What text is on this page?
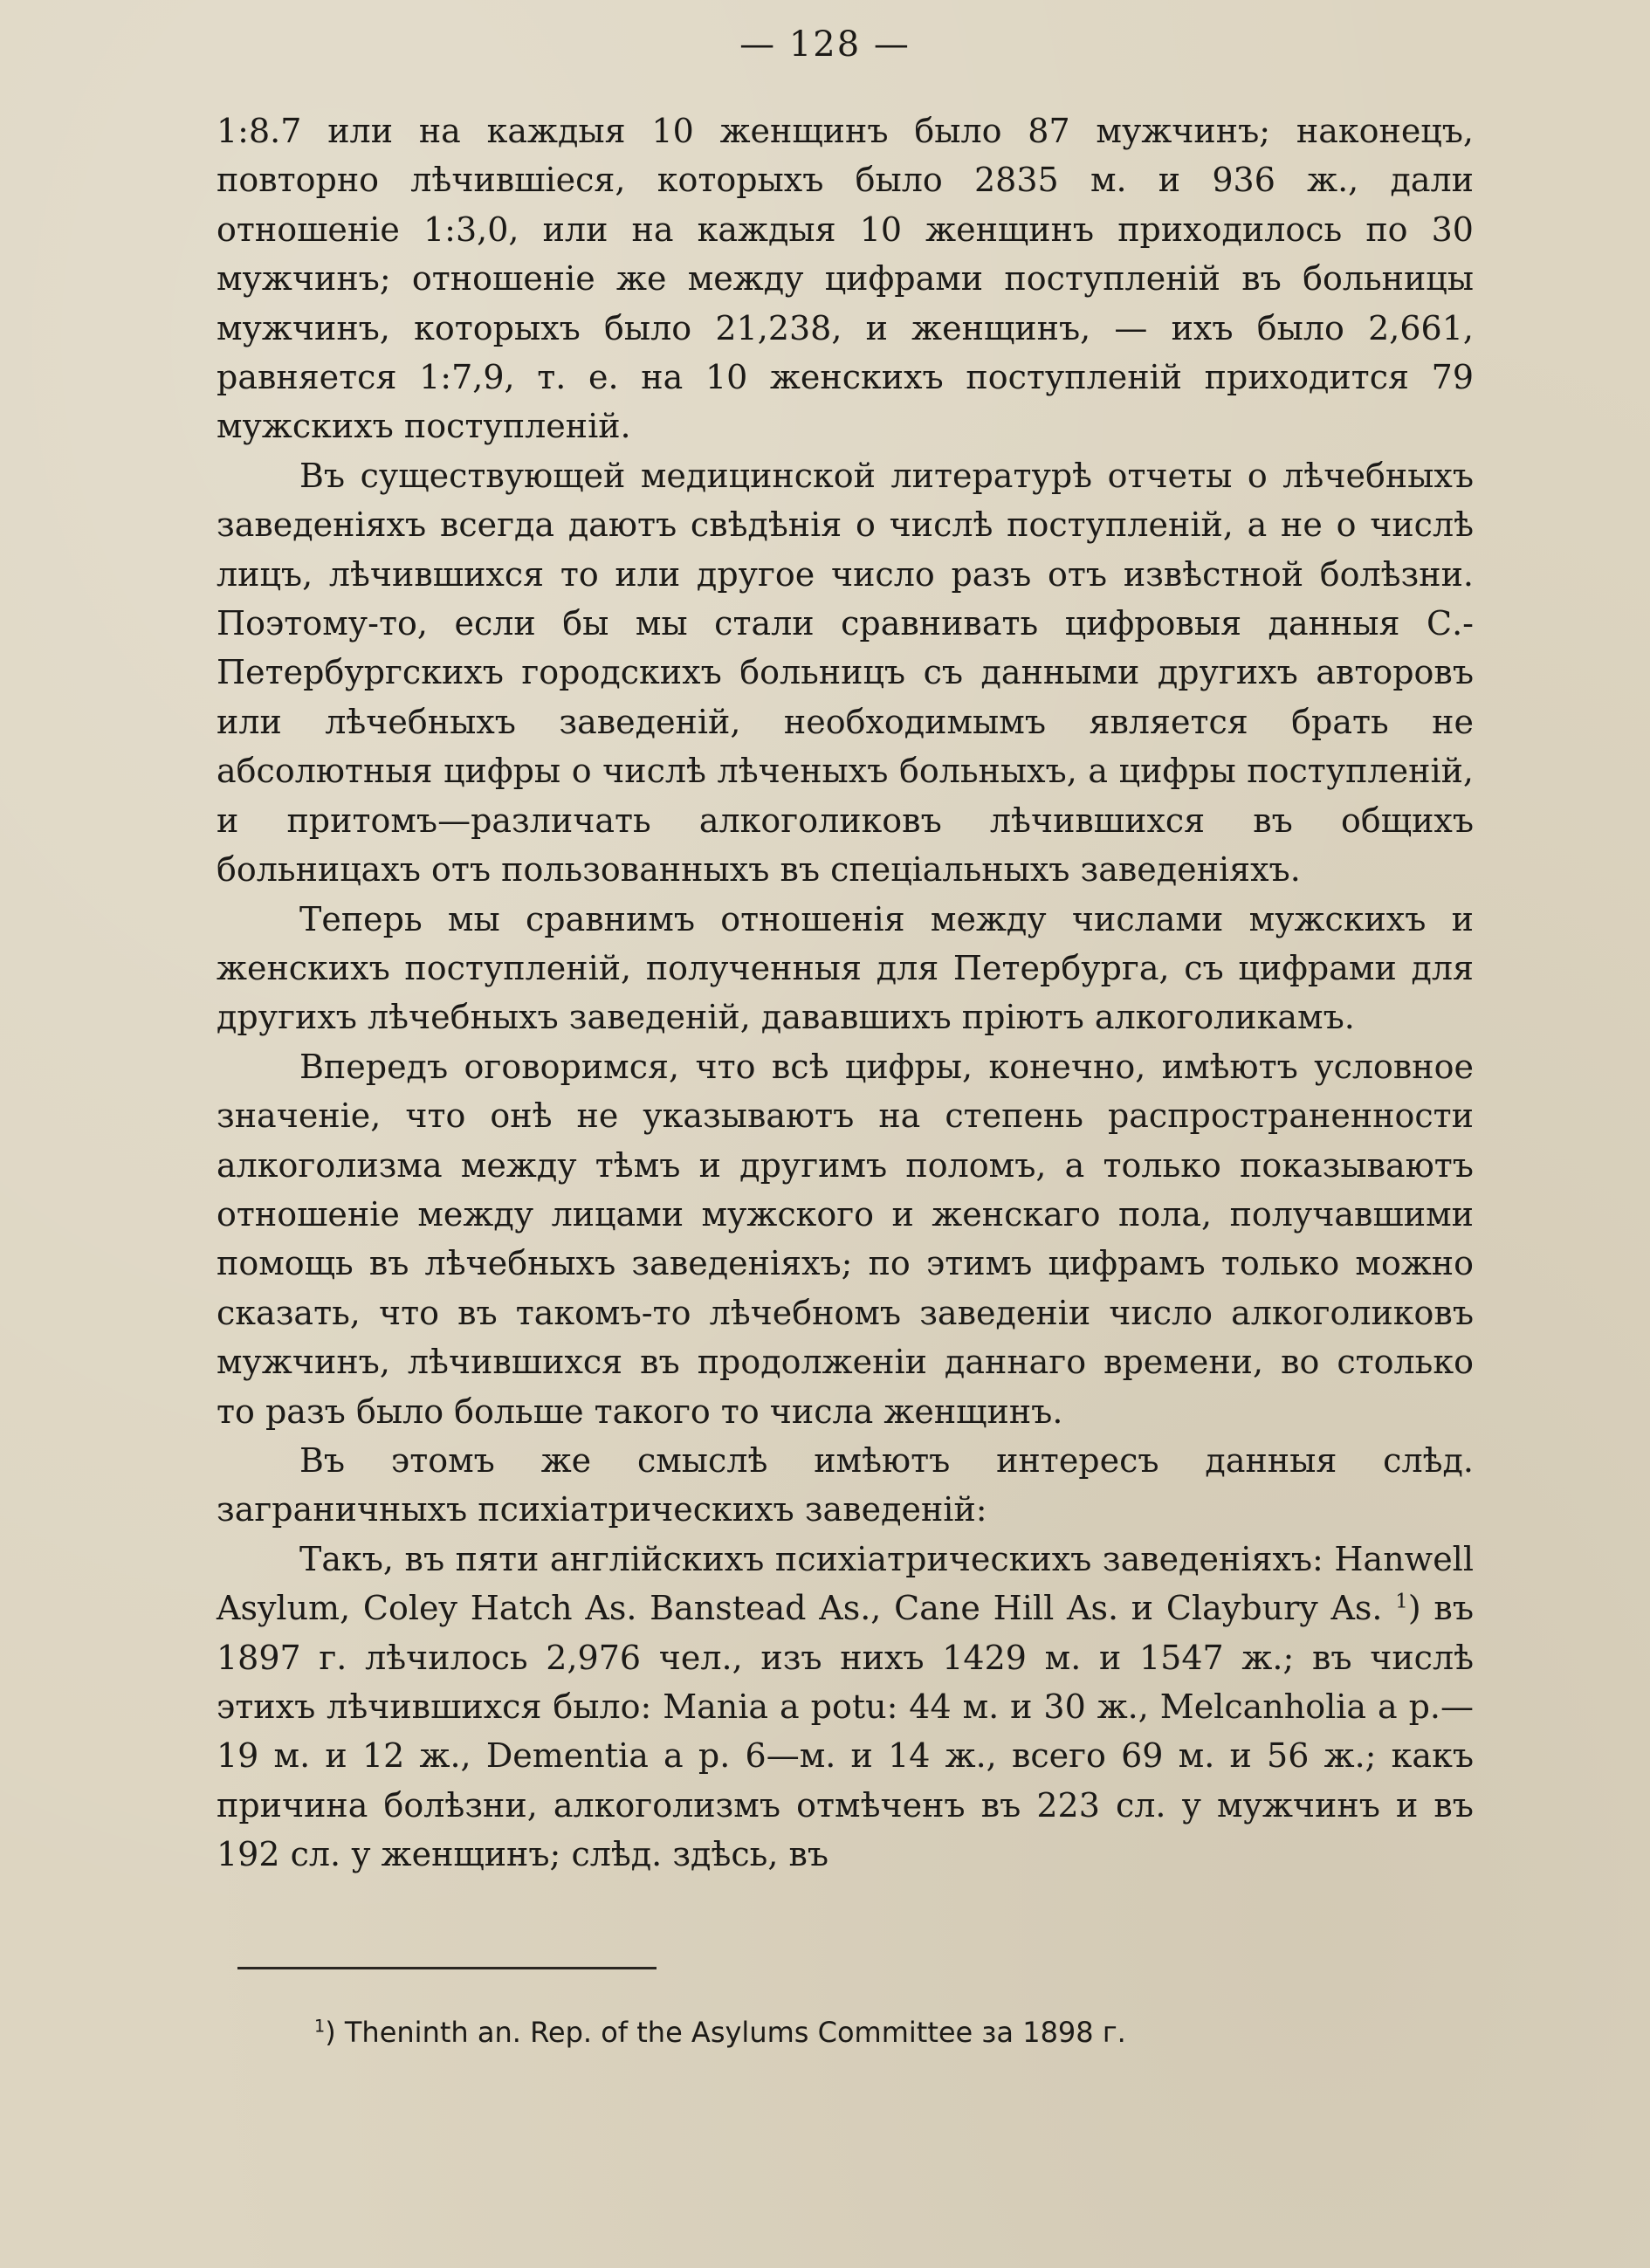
— 128 —

1:8.7 или на каждыя 10 женщинъ было 87 мужчинъ; наконецъ, повторно лѣчившіеся, которыхъ было 2835 м. и 936 ж., дали отношеніе 1:3,0, или на каждыя 10 женщинъ приходилось по 30 мужчинъ; отношеніе же между цифрами поступленій въ больницы мужчинъ, которыхъ было 21,238, и женщинъ, — ихъ было 2,661, равняется 1:7,9, т. е. на 10 женскихъ поступленій приходится 79 мужскихъ поступленій.

Въ существующей медицинской литературѣ отчеты о лѣчебныхъ заведеніяхъ всегда даютъ свѣдѣнія о числѣ поступленій, а не о числѣ лицъ, лѣчившихся то или другое число разъ отъ извѣстной болѣзни. Поэтому-то, если бы мы стали сравнивать цифровыя данныя С.-Петербургскихъ городскихъ больницъ съ данными другихъ авторовъ или лѣчебныхъ заведеній, необходимымъ является брать не абсолютныя цифры о числѣ лѣченыхъ больныхъ, а цифры поступленій, и притомъ—различать алкоголиковъ лѣчившихся въ общихъ больницахъ отъ пользованныхъ въ спеціальныхъ заведеніяхъ.

Теперь мы сравнимъ отношенія между числами мужскихъ и женскихъ поступленій, полученныя для Петербурга, съ цифрами для другихъ лѣчебныхъ заведеній, дававшихъ пріютъ алкоголикамъ.

Впередъ оговоримся, что всѣ цифры, конечно, имѣютъ условное значеніе, что онѣ не указываютъ на степень распространенности алкоголизма между тѣмъ и другимъ поломъ, а только показываютъ отношеніе между лицами мужского и женскаго пола, получавшими помощь въ лѣчебныхъ заведеніяхъ; по этимъ цифрамъ только можно сказать, что въ такомъ-то лѣчебномъ заведеніи число алкоголиковъ мужчинъ, лѣчившихся въ продолженіи даннаго времени, во столько то разъ было больше такого то числа женщинъ.

Въ этомъ же смыслѣ имѣютъ интересъ данныя слѣд. заграничныхъ психіатрическихъ заведеній:

Такъ, въ пяти англійскихъ психіатрическихъ заведеніяхъ: Hanwell Asylum, Coley Hatch As. Banstead As., Cane Hill As. и Claybury As. $^1$) въ 1897 г. лѣчилось 2,976 чел., изъ нихъ 1429 м. и 1547 ж.; въ числѣ этихъ лѣчившихся было: Mania a potu: 44 м. и 30 ж., Melcanholia a p.—19 м. и 12 ж., Dementia a p. 6—м. и 14 ж., всего 69 м. и 56 ж.; какъ причина болѣзни, алкоголизмъ отмѣченъ въ 223 сл. у мужчинъ и въ 192 сл. у женщинъ; слѣд. здѣсь, въ

$^1$) Theninth an. Rep. of the Asylums Committee за 1898 г.
